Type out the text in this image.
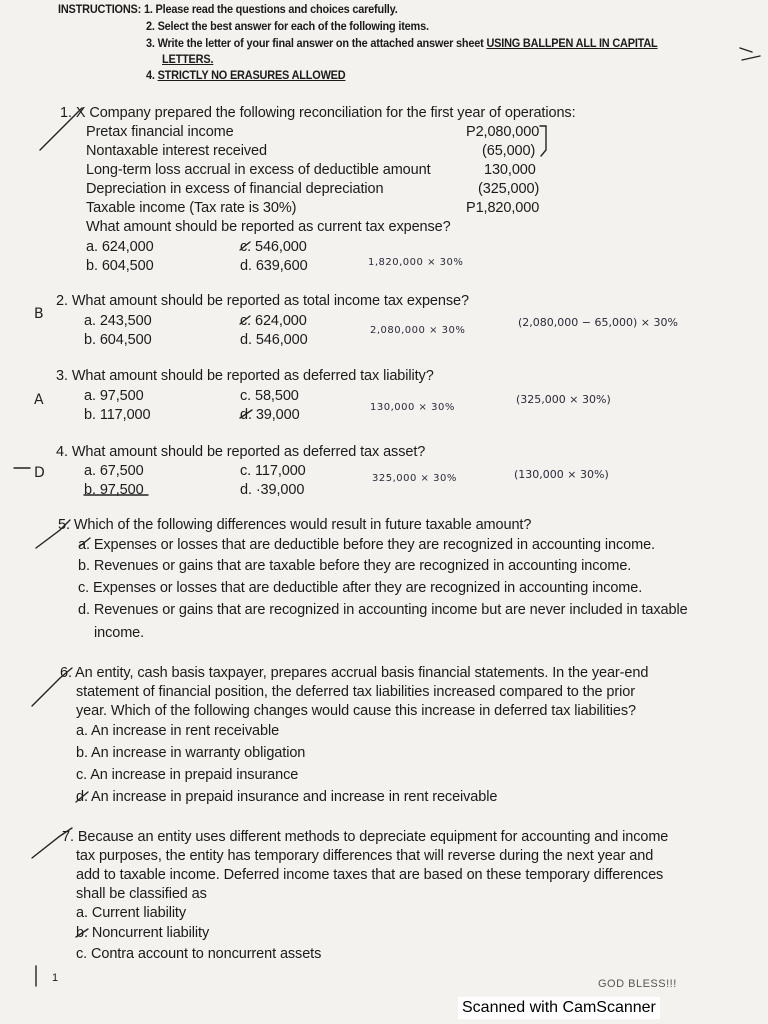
INSTRUCTIONS: 1. Please read the questions and choices carefully.
2. Select the best answer for each of the following items.
3. Write the letter of your final answer on the attached answer sheet USING BALLPEN ALL IN CAPITAL
LETTERS.
4. STRICTLY NO ERASURES ALLOWED
1. X Company prepared the following reconciliation for the first year of operations:
Pretax financial income	P2,080,000
Nontaxable interest received	(65,000)
Long-term loss accrual in excess of deductible amount	130,000
Depreciation in excess of financial depreciation	(325,000)
Taxable income (Tax rate is 30%)	P1,820,000
What amount should be reported as current tax expense?
a. 624,000	c. 546,000
b. 604,500	d. 639,600	1,820,000 × 30%
B
2. What amount should be reported as total income tax expense?
a. 243,500	c. 624,000
b. 604,500	d. 546,000
2,080,000 × 30%
(2,080,000 − 65,000) × 30%
A
3. What amount should be reported as deferred tax liability?
a. 97,500	c. 58,500
b. 117,000	d. 39,000	130,000 × 30%
(325,000 × 30%)
D
4. What amount should be reported as deferred tax asset?
a. 67,500	c. 117,000
b. 97,500	d. ·39,000
325,000 × 30%	(130,000 × 30%)
5. Which of the following differences would result in future taxable amount?
a. Expenses or losses that are deductible before they are recognized in accounting income.
b. Revenues or gains that are taxable before they are recognized in accounting income.
c. Expenses or losses that are deductible after they are recognized in accounting income.
d. Revenues or gains that are recognized in accounting income but are never included in taxable
income.
6. An entity, cash basis taxpayer, prepares accrual basis financial statements. In the year-end
statement of financial position, the deferred tax liabilities increased compared to the prior
year. Which of the following changes would cause this increase in deferred tax liabilities?
a. An increase in rent receivable
b. An increase in warranty obligation
c. An increase in prepaid insurance
d. An increase in prepaid insurance and increase in rent receivable
7. Because an entity uses different methods to depreciate equipment for accounting and income
tax purposes, the entity has temporary differences that will reverse during the next year and
add to taxable income. Deferred income taxes that are based on these temporary differences
shall be classified as
a. Current liability
b. Noncurrent liability
c. Contra account to noncurrent assets
1	GOD BLESS!!!
Scanned with CamScanner
